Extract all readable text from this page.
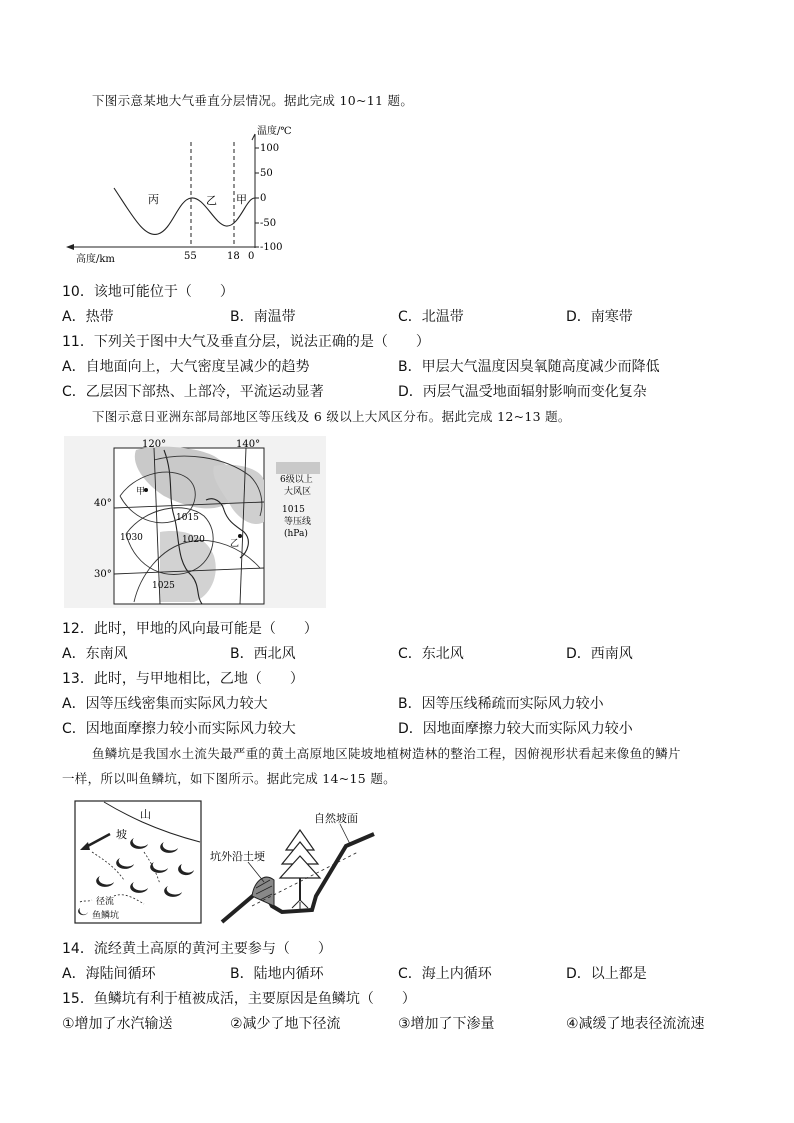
下图示意某地大气垂直分层情况。据此完成 10~11 题。
温度/℃
100
50
0
-50
-100
高度/km	55	18 0
丙	乙 甲
10．该地可能位于（　　）
A．热带	B．南温带	C．北温带	D．南寒带
11．下列关于图中大气及垂直分层，说法正确的是（　　）
A．自地面向上，大气密度呈减少的趋势	B．甲层大气温度因臭氧随高度减少而降低
C．乙层因下部热、上部冷，平流运动显著	D．丙层气温受地面辐射影响而变化复杂
下图示意日亚洲东部局部地区等压线及 6 级以上大风区分布。据此完成 12~13 题。
120°	140°
40°
30°
1015
1020
1025
1030
甲
乙
6级以上
大风区
1015
等压线
(hPa)
12．此时，甲地的风向最可能是（　　）
A．东南风	B．西北风	C．东北风	D．西南风
13．此时，与甲地相比，乙地（　　）
A．因等压线密集而实际风力较大	B．因等压线稀疏而实际风力较小
C．因地面摩擦力较小而实际风力较大	D．因地面摩擦力较大而实际风力较小
鱼鳞坑是我国水土流失最严重的黄土高原地区陡坡地植树造林的整治工程，因俯视形状看起来像鱼的鳞片
一样，所以叫鱼鳞坑，如下图所示。据此完成 14~15 题。
山
坡
径流
鱼鳞坑
坑外沿土埂
自然坡面
14．流经黄土高原的黄河主要参与（　　）
A．海陆间循环	B．陆地内循环	C．海上内循环	D．以上都是
15．鱼鳞坑有利于植被成活，主要原因是鱼鳞坑（　　）
①增加了水汽输送	②减少了地下径流	③增加了下渗量	④减缓了地表径流流速
